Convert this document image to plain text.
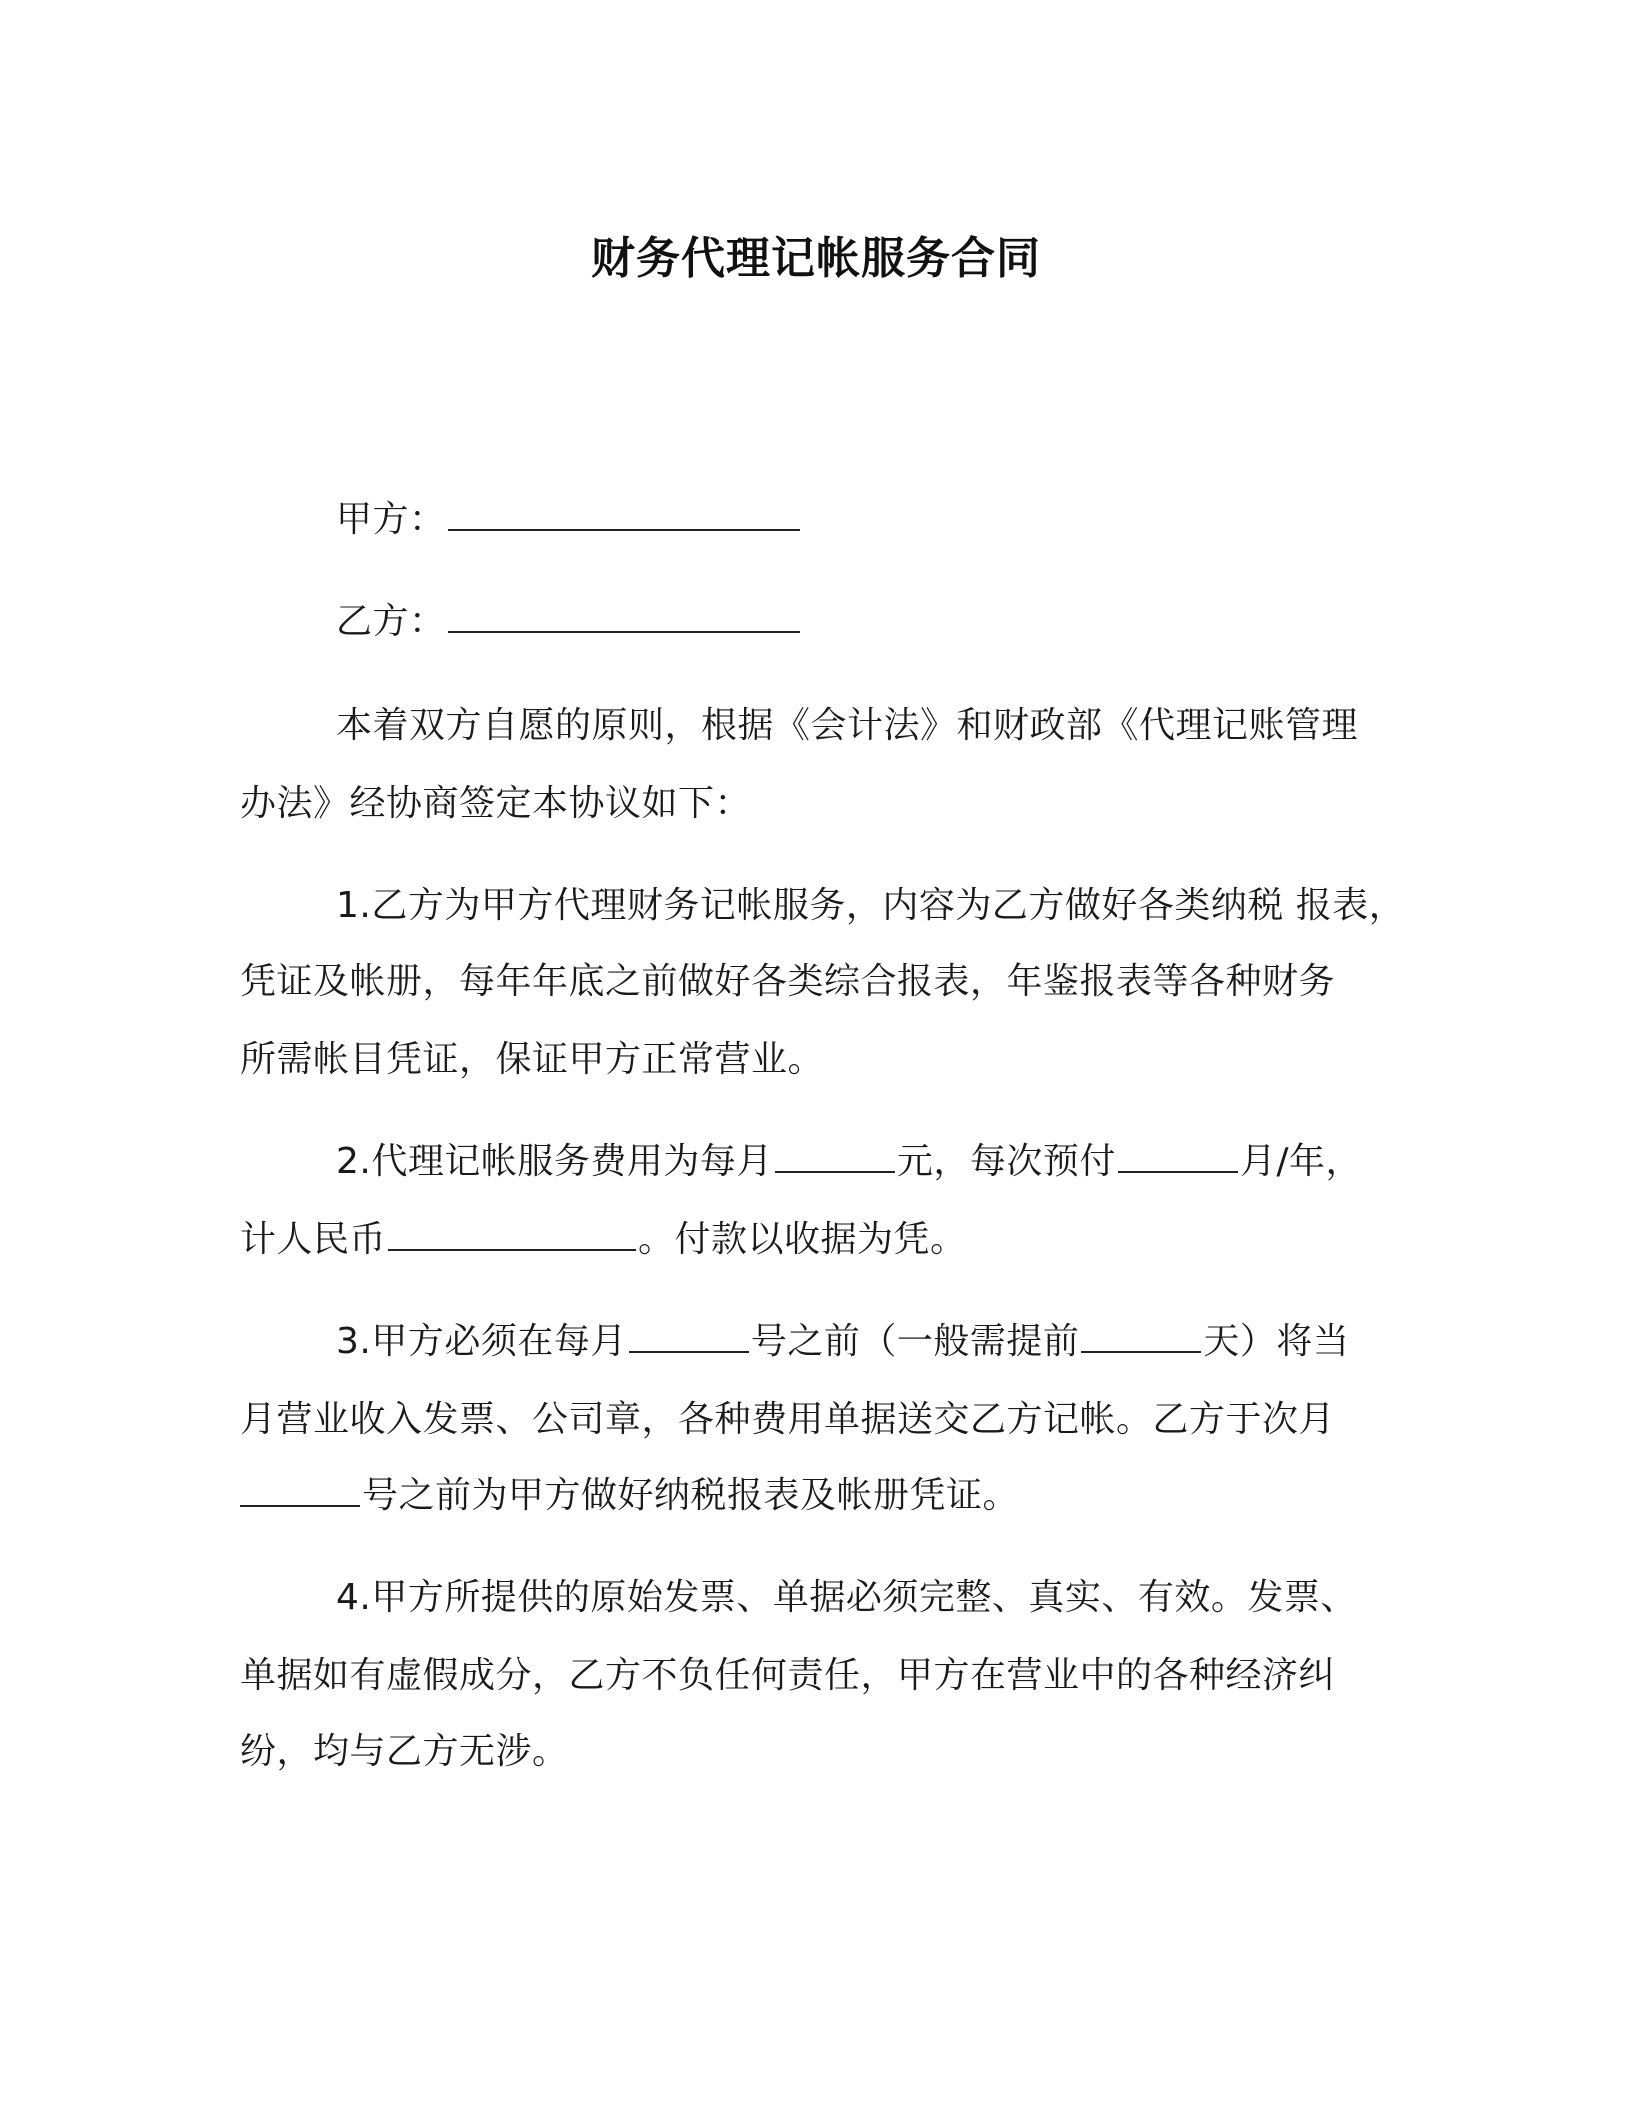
财务代理记帐服务合同
甲方：
乙方：
本着双方自愿的原则，根据《会计法》和财政部《代理记账管理
办法》经协商签定本协议如下：
1.乙方为甲方代理财务记帐服务，内容为乙方做好各类纳税 报表，
凭证及帐册，每年年底之前做好各类综合报表，年鉴报表等各种财务
所需帐目凭证，保证甲方正常营业。
2.代理记帐服务费用为每月	元，每次预付	月/年，
计人民币	。付款以收据为凭。
3.甲方必须在每月	号之前（一般需提前	天）将当
月营业收入发票、公司章，各种费用单据送交乙方记帐。乙方于次月
号之前为甲方做好纳税报表及帐册凭证。
4.甲方所提供的原始发票、单据必须完整、真实、有效。发票、
单据如有虚假成分，乙方不负任何责任，甲方在营业中的各种经济纠
纷，均与乙方无涉。
